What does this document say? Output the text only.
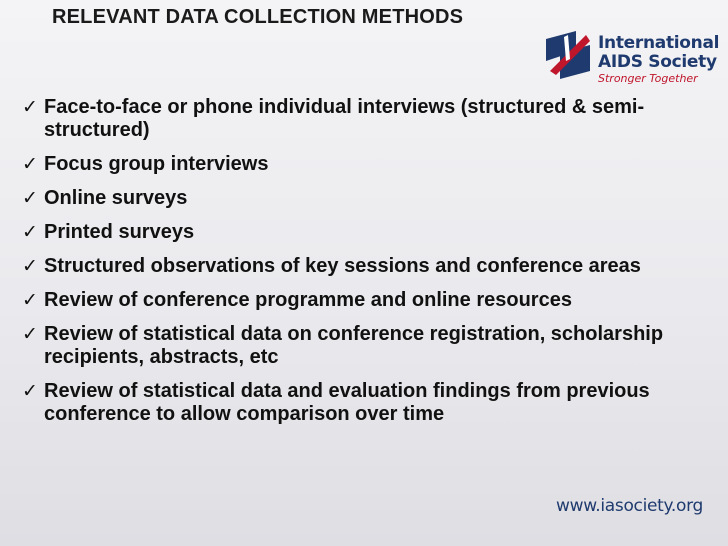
RELEVANT DATA COLLECTION METHODS
International
AIDS Society
Stronger Together
✓ Face-to-face or phone individual interviews (structured & semi-structured)
✓ Focus group interviews
✓ Online surveys
✓ Printed surveys
✓ Structured observations of key sessions and conference areas
✓ Review of conference programme and online resources
✓ Review of statistical data on conference registration, scholarship recipients, abstracts, etc
✓ Review of statistical data and evaluation findings from previous conference to allow comparison over time
www.iasociety.org
